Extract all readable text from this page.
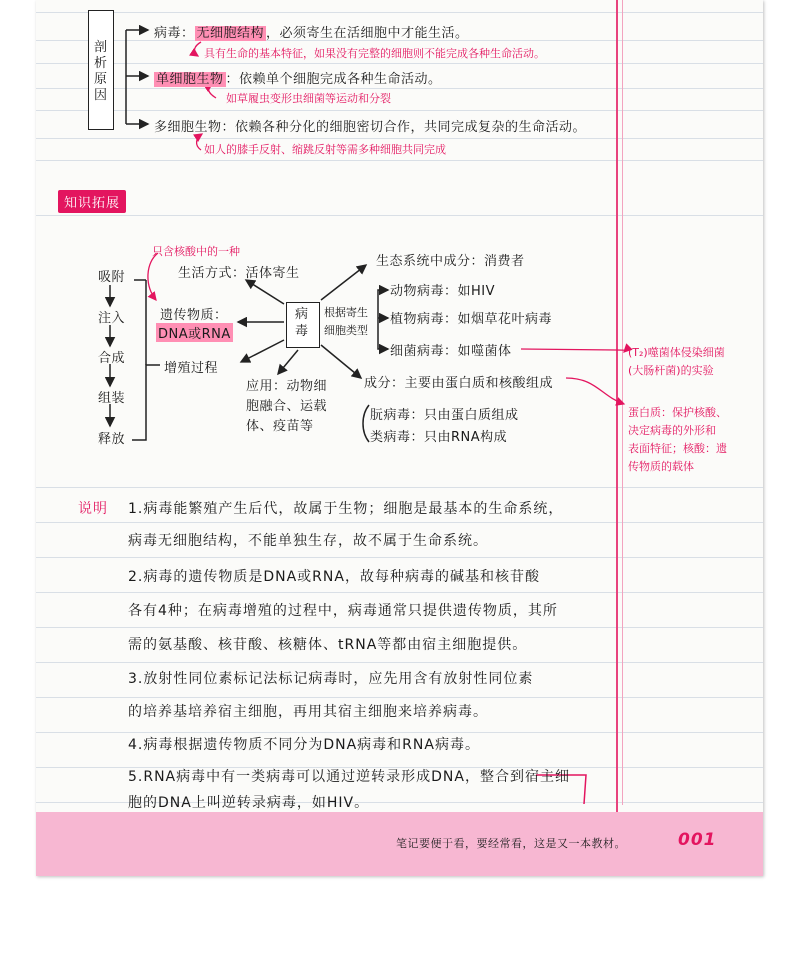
剖析原因
病毒： 无细胞结构 ，必须寄生在活细胞中才能生活。
具有生命的基本特征，如果没有完整的细胞则不能完成各种生命活动。
单细胞生物 ：依赖单个细胞完成各种生命活动。
如草履虫变形虫细菌等运动和分裂
多细胞生物：依赖各种分化的细胞密切合作，共同完成复杂的生命活动。
如人的膝手反射、缩跳反射等需多种细胞共同完成
知识拓展
只含核酸中的一种
吸附
注入
合成
组装
释放
生活方式：活体寄生
遗传物质：
DNA或RNA
增殖过程
病毒
根据寄生
细胞类型
应用：动物细
胞融合、运载
体、疫苗等
生态系统中成分：消费者
动物病毒：如HIV
植物病毒：如烟草花叶病毒
细菌病毒：如噬菌体
成分：主要由蛋白质和核酸组成
朊病毒：只由蛋白质组成
类病毒：只由RNA构成
(T₂)噬菌体侵染细菌
(大肠杆菌)的实验
蛋白质：保护核酸、
决定病毒的外形和
表面特征；核酸：遗
传物质的载体
说明 1.病毒能繁殖产生后代，故属于生物；细胞是最基本的生命系统，
病毒无细胞结构，不能单独生存，故不属于生命系统。
2.病毒的遗传物质是DNA或RNA，故每种病毒的碱基和核苷酸
各有4种；在病毒增殖的过程中，病毒通常只提供遗传物质，其所
需的氨基酸、核苷酸、核糖体、tRNA等都由宿主细胞提供。
3.放射性同位素标记法标记病毒时，应先用含有放射性同位素
的培养基培养宿主细胞，再用其宿主细胞来培养病毒。
4.病毒根据遗传物质不同分为DNA病毒和RNA病毒。
5.RNA病毒中有一类病毒可以通过逆转录形成DNA，整合到宿主细
胞的DNA上叫逆转录病毒，如HIV。
笔记要便于看，要经常看，这是又一本教材。	001
